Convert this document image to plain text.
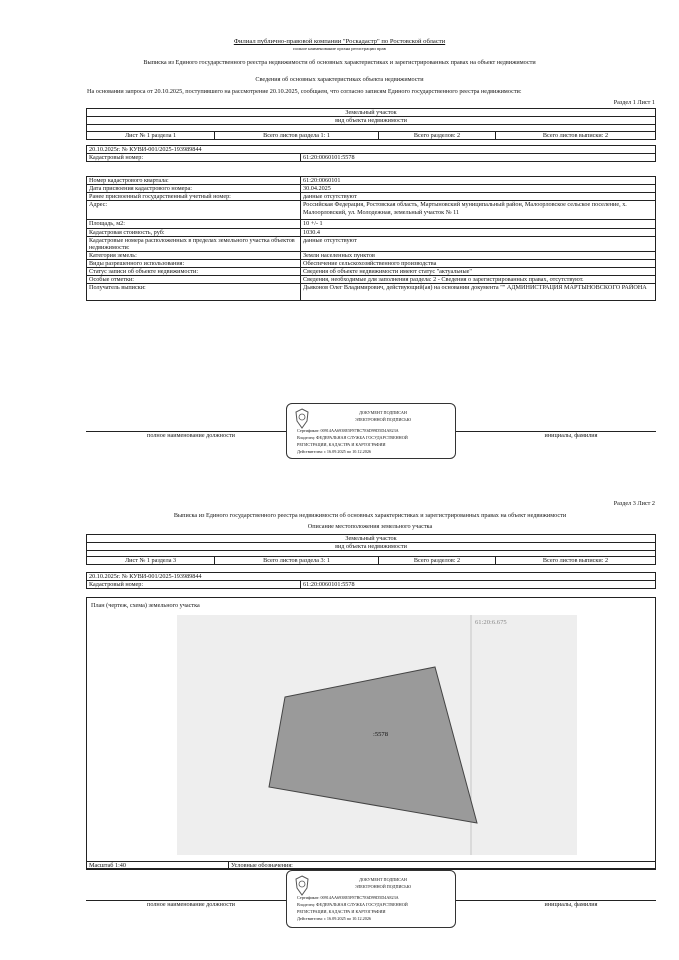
Филиал публично-правовой компании "Роскадастр" по Ростовской области
полное наименование органа регистрации прав
Выписка из Единого государственного реестра недвижимости об основных характеристиках и зарегистрированных правах на объект недвижимости
Сведения об основных характеристиках объекта недвижимости
На основании запроса от 20.10.2025, поступившего на рассмотрение 20.10.2025, сообщаем, что согласно записям Единого государственного реестра недвижимости:
Раздел 1 Лист 1
Земельный участок
вид объекта недвижимости

Лист № 1 раздела 1	Всего листов раздела 1: 1	Всего разделов: 2	Всего листов выписки: 2
20.10.2025г. № КУВИ-001/2025-193989844
Кадастровый номер:	61:20:0060101:5578
Номер кадастрового квартала:	61:20:0060101
Дата присвоения кадастрового номера:	30.04.2025
Ранее присвоенный государственный учетный номер:	данные отсутствуют
Адрес:	Российская Федерация, Ростовская область, Мартыновский муниципальный район, Малоорловское сельское поселение, х. Малоорловский, ул. Молодежная, земельный участок № 11
Площадь, м2:	10 +/- 1
Кадастровая стоимость, руб:	1030.4
Кадастровые номера расположенных в пределах земельного участка объектов недвижимости:	данные отсутствуют
Категория земель:	Земли населенных пунктов
Виды разрешенного использования:	Обеспечение сельскохозяйственного производства
Статус записи об объекте недвижимости:	Сведения об объекте недвижимости имеют статус "актуальные"
Особые отметки:	Сведения, необходимые для заполнения раздела: 2 - Сведения о зарегистрированных правах, отсутствуют.
Получатель выписки:	Дьяконов Олег Владимирович, действующий(ая) на основании документа "" АДМИНИСТРАЦИЯ МАРТЫНОВСКОГО РАЙОНА
полное наименование должности	инициалы, фамилия
ДОКУМЕНТ ПОДПИСАН
ЭЛЕКТРОННОЙ ПОДПИСЬЮ
Сертификат: 00914AA6938E5F87BC7E6D99D5D4A823A
Владелец: ФЕДЕРАЛЬНАЯ СЛУЖБА ГОСУДАРСТВЕННОЙ
РЕГИСТРАЦИИ, КАДАСТРА И КАРТОГРАФИИ
Действителен: с 16.09.2025 по 10.12.2026
Раздел 3 Лист 2
Выписка из Единого государственного реестра недвижимости об основных характеристиках и зарегистрированных правах на объект недвижимости
Описание местоположения земельного участка
Земельный участок
вид объекта недвижимости

Лист № 1 раздела 3	Всего листов раздела 3: 1	Всего разделов: 2	Всего листов выписки: 2
20.10.2025г. № КУВИ-001/2025-193989844
Кадастровый номер:	61:20:0060101:5578
План (чертеж, схема) земельного участка
61:20:6.675
:5578
Масштаб 1:40	Условные обозначения:
полное наименование должности	инициалы, фамилия
ДОКУМЕНТ ПОДПИСАН
ЭЛЕКТРОННОЙ ПОДПИСЬЮ
Сертификат: 00914AA6938E5F87BC7E6D99D5D4A823A
Владелец: ФЕДЕРАЛЬНАЯ СЛУЖБА ГОСУДАРСТВЕННОЙ
РЕГИСТРАЦИИ, КАДАСТРА И КАРТОГРАФИИ
Действителен: с 16.09.2025 по 10.12.2026
